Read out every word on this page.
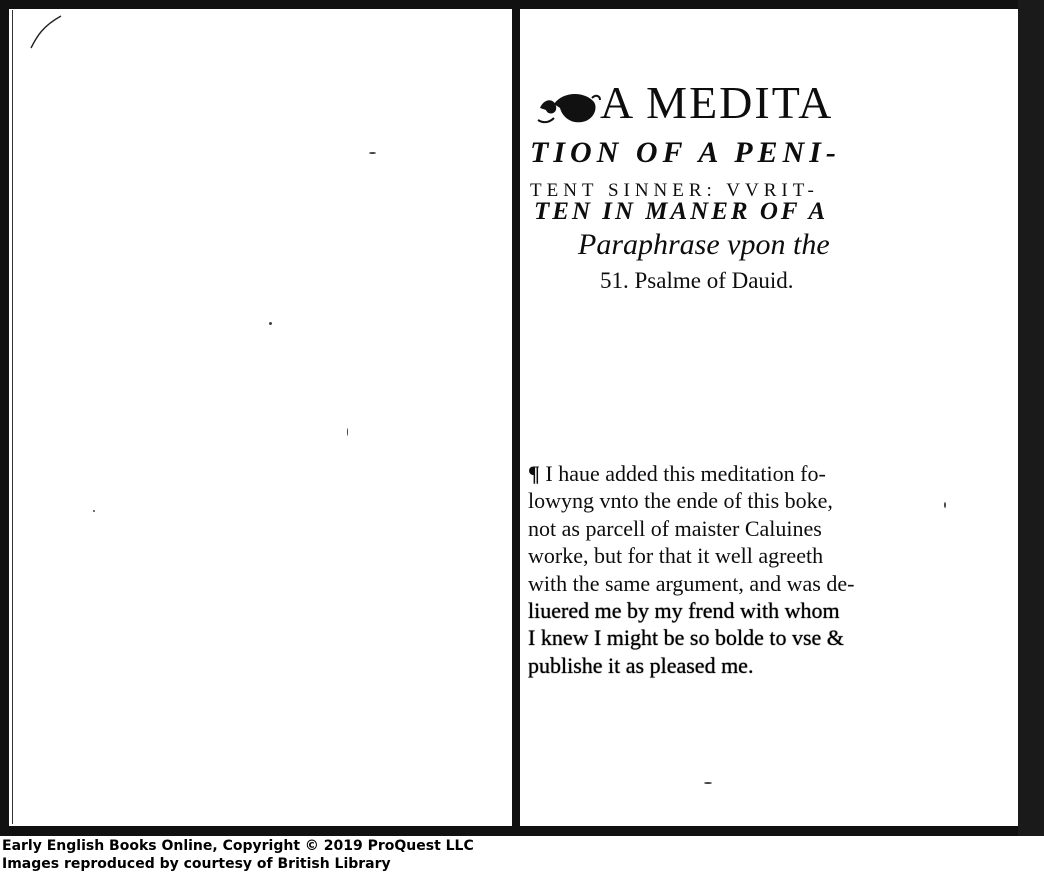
A MEDITA
TION OF A PENI-
TENT SINNER: VVRIT-
TEN IN MANER OF A
Paraphrase vpon the
51. Psalme of Dauid.
¶ I haue added this meditation fo-
lowyng vnto the ende of this boke,
not as parcell of maister Caluines
worke, but for that it well agreeth
with the same argument, and was de-
liuered me by my frend with whom
I knew I might be so bolde to vse &
publishe it as pleased me.
Early English Books Online, Copyright © 2019 ProQuest LLC
Images reproduced by courtesy of British Library
